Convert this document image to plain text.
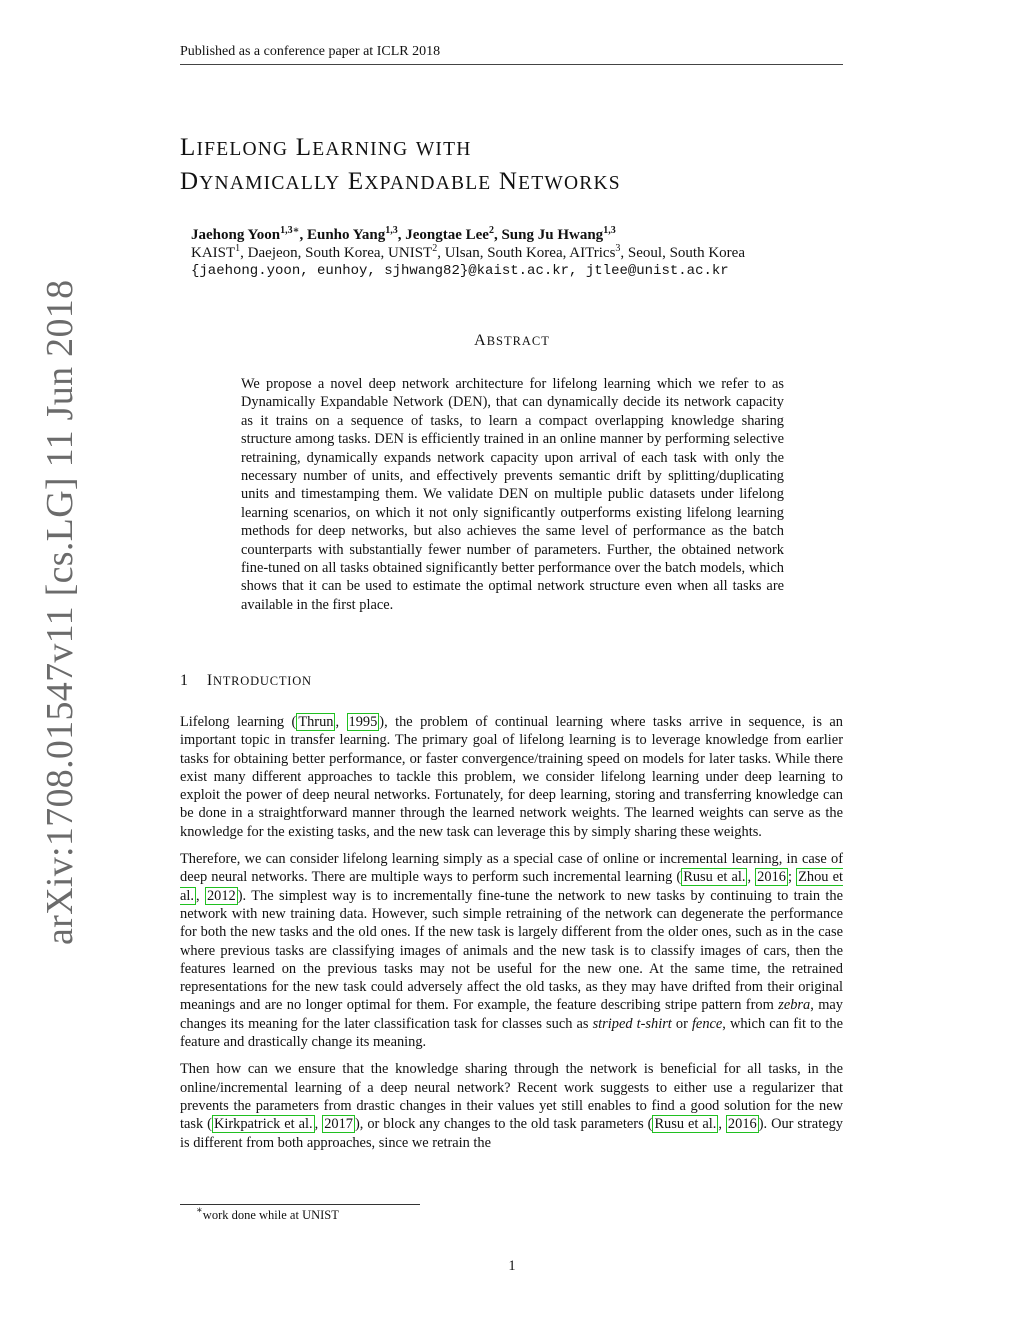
Published as a conference paper at ICLR 2018
LIFELONG LEARNING WITH
DYNAMICALLY EXPANDABLE NETWORKS
Jaehong Yoon$^{1,3∗}$, Eunho Yang$^{1,3}$, Jeongtae Lee$^2$, Sung Ju Hwang$^{1,3}$
KAIST$^1$, Daejeon, South Korea, UNIST$^2$, Ulsan, South Korea, AITrics$^3$, Seoul, South Korea
{jaehong.yoon, eunhoy, sjhwang82}@kaist.ac.kr, jtlee@unist.ac.kr
ABSTRACT
We propose a novel deep network architecture for lifelong learning which we refer to as Dynamically Expandable Network (DEN), that can dynamically decide its network capacity as it trains on a sequence of tasks, to learn a compact overlapping knowledge sharing structure among tasks. DEN is efficiently trained in an online manner by performing selective retraining, dynamically expands network capacity upon arrival of each task with only the necessary number of units, and effectively prevents semantic drift by splitting/duplicating units and timestamping them. We validate DEN on multiple public datasets under lifelong learning scenarios, on which it not only significantly outperforms existing lifelong learning methods for deep networks, but also achieves the same level of performance as the batch counterparts with substantially fewer number of parameters. Further, the obtained network fine-tuned on all tasks obtained significantly better performance over the batch models, which shows that it can be used to estimate the optimal network structure even when all tasks are available in the first place.
1 INTRODUCTION

Lifelong learning ( Thrun , 1995 ), the problem of continual learning where tasks arrive in sequence, is an important topic in transfer learning. The primary goal of lifelong learning is to leverage knowledge from earlier tasks for obtaining better performance, or faster convergence/training speed on models for later tasks. While there exist many different approaches to tackle this problem, we consider lifelong learning under deep learning to exploit the power of deep neural networks. Fortunately, for deep learning, storing and transferring knowledge can be done in a straightforward manner through the learned network weights. The learned weights can serve as the knowledge for the existing tasks, and the new task can leverage this by simply sharing these weights.

Therefore, we can consider lifelong learning simply as a special case of online or incremental learning, in case of deep neural networks. There are multiple ways to perform such incremental learning ( Rusu et al. , 2016 ; Zhou et al. , 2012 ). The simplest way is to incrementally fine-tune the network to new tasks by continuing to train the network with new training data. However, such simple retraining of the network can degenerate the performance for both the new tasks and the old ones. If the new task is largely different from the older ones, such as in the case where previous tasks are classifying images of animals and the new task is to classify images of cars, then the features learned on the previous tasks may not be useful for the new one. At the same time, the retrained representations for the new task could adversely affect the old tasks, as they may have drifted from their original meanings and are no longer optimal for them. For example, the feature describing stripe pattern from zebra, may changes its meaning for the later classification task for classes such as striped t-shirt or fence, which can fit to the feature and drastically change its meaning.

Then how can we ensure that the knowledge sharing through the network is beneficial for all tasks, in the online/incremental learning of a deep neural network? Recent work suggests to either use a regularizer that prevents the parameters from drastic changes in their values yet still enables to find a good solution for the new task ( Kirkpatrick et al. , 2017 ), or block any changes to the old task parameters ( Rusu et al. , 2016 ). Our strategy is different from both approaches, since we retrain the

∗work done while at UNIST
1
arXiv:1708.01547v11 [cs.LG] 11 Jun 2018
